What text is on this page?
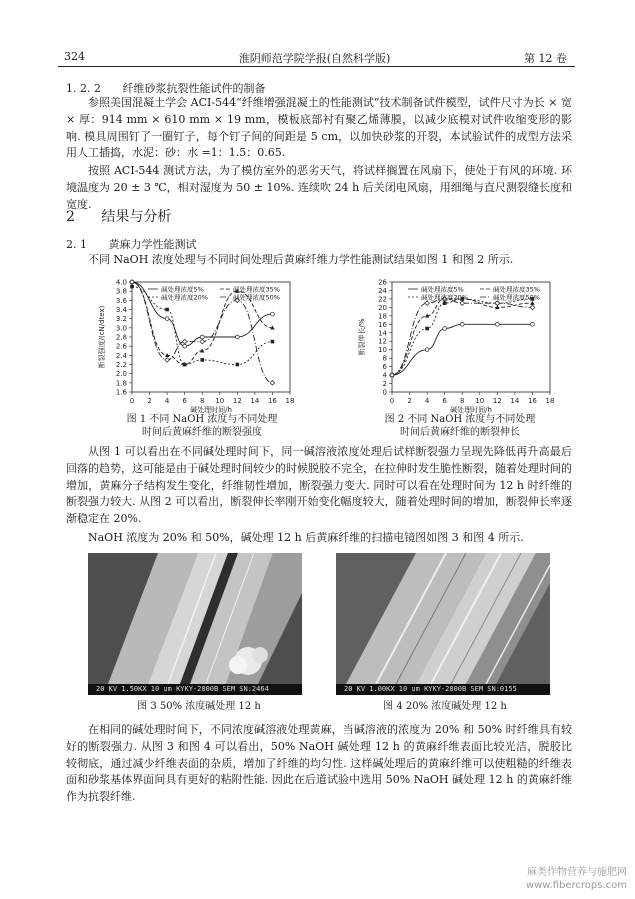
324	淮阴师范学院学报(自然科学版)	第 12 卷
1. 2. 2 纤维砂浆抗裂性能试件的制备
参照美国混凝土学会 ACI-544“纤维增强混凝土的性能测试”技术制备试件模型，试件尺寸为长 × 宽 × 厚：914 mm × 610 mm × 19 mm，模板底部衬有聚乙烯薄膜，以减少底模对试件收缩变形的影响. 模具周围钉了一圈钉子，每个钉子间的间距是 5 cm，以加快砂浆的开裂，本试验试件的成型方法采用人工插捣，水泥：砂：水 =1：1.5：0.65.
按照 ACI-544 测试方法，为了模仿室外的恶劣天气，将试样搁置在风扇下，使处于有风的环境. 环境温度为 20 ± 3 ℃，相对湿度为 50 ± 10%. 连续吹 24 h 后关闭电风扇，用细绳与直尺测裂缝长度和宽度.
2 结果与分析
2. 1 黄麻力学性能测试
不同 NaOH 浓度处理与不同时间处理后黄麻纤维力学性能测试结果如图 1 和图 2 所示.
0 2 4 6 8 10 12 14 16 18
1.6
1.8
2.0
2.2
2.4
2.6
2.8
3.0
3.2
3.4
3.6
3.8
4.0
碱处理时间/h
断裂强度/(cN/dtex)
碱处理浓度5%	碱处理浓度35%
碱处理浓度20%	碱处理浓度50%
0 2 4 6 8 10 12 14 16 18
0
2
4
6
8
10
12
14
16
18
20
22
24
26
碱处理时间/h
断裂伸长/%
碱处理浓度5%	碱处理浓度35%
碱处理浓度20%	碱处理浓度50%
图 1 不同 NaOH 浓度与不同处理
时间后黄麻纤维的断裂强度
图 2 不同 NaOH 浓度与不同处理
时间后黄麻纤维的断裂伸长
从图 1 可以看出在不同碱处理时间下，同一碱溶液浓度处理后试样断裂强力呈现先降低再升高最后回落的趋势，这可能是由于碱处理时间较少的时候脱胶不完全，在拉伸时发生脆性断裂，随着处理时间的增加，黄麻分子结构发生变化，纤维韧性增加，断裂强力变大. 同时可以看在处理时间为 12 h 时纤维的断裂强力较大. 从图 2 可以看出，断裂伸长率刚开始变化幅度较大，随着处理时间的增加，断裂伸长率逐渐稳定在 20%.
NaOH 浓度为 20% 和 50%，碱处理 12 h 后黄麻纤维的扫描电镜图如图 3 和图 4 所示.
20 KV 1.50KX 10 um KYKY-2800B SEM SN:2464	20 KV 1.00KX 10 um KYKY-2800B SEM SN:0155
图 3 50% 浓度碱处理 12 h	图 4 20% 浓度碱处理 12 h
在相同的碱处理时间下，不同浓度碱溶液处理黄麻，当碱溶液的浓度为 20% 和 50% 时纤维具有较好的断裂强力. 从图 3 和图 4 可以看出，50% NaOH 碱处理 12 h 的黄麻纤维表面比较光洁，脱胶比较彻底，通过减少纤维表面的杂质，增加了纤维的均匀性. 这样碱处理后的黄麻纤维可以使粗糙的纤维表面和砂浆基体界面间具有更好的粘附性能. 因此在后道试验中选用 50% NaOH 碱处理 12 h 的黄麻纤维作为抗裂纤维.
麻类作物营养与施肥网
www.fibercrops.com
